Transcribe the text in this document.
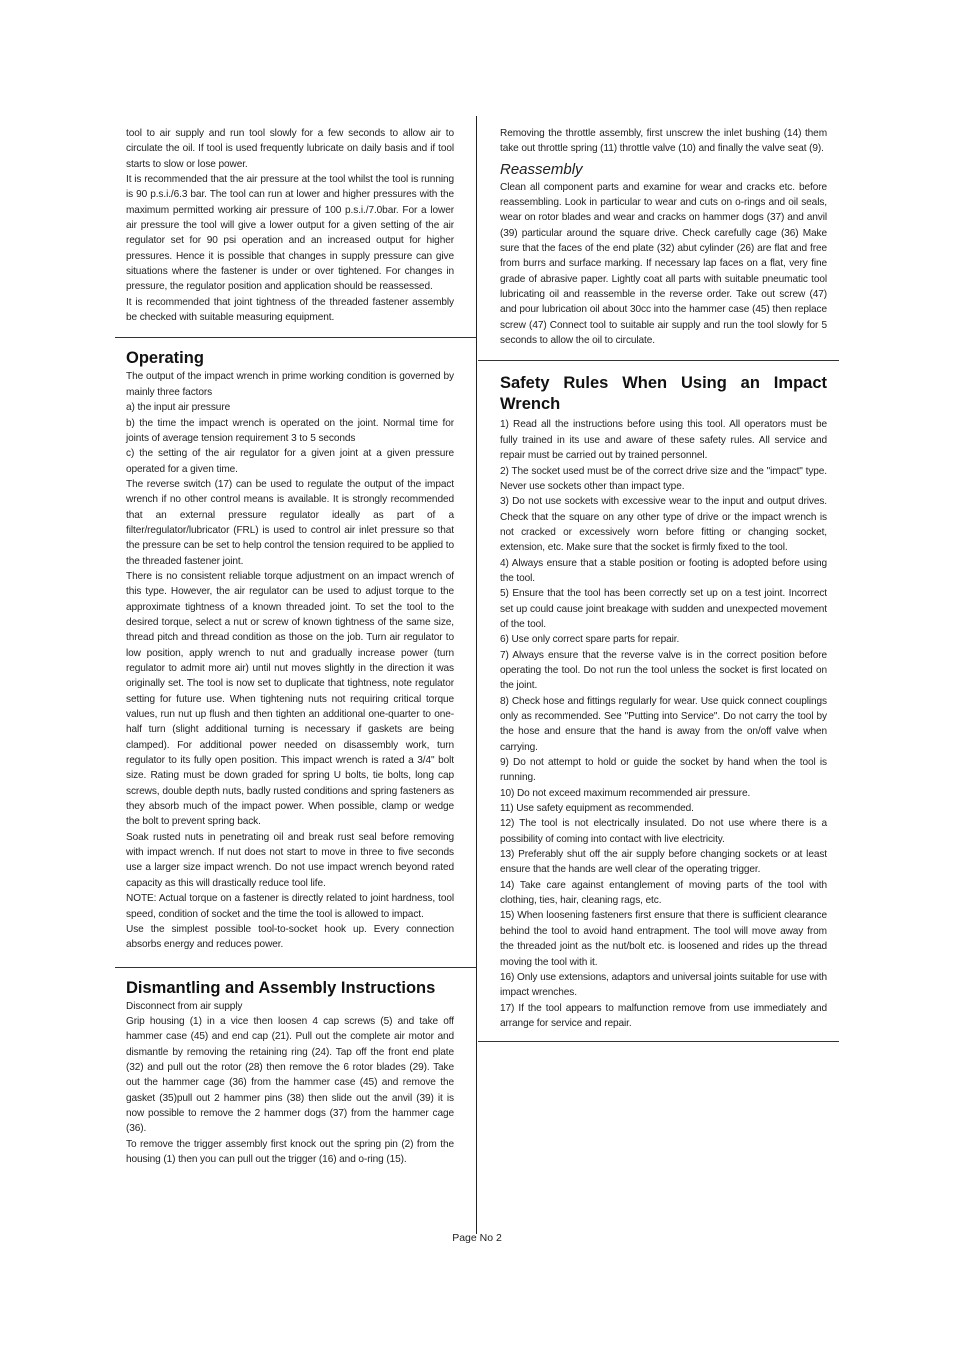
tool to air supply and run tool slowly for a few seconds to allow air to circulate the oil. If tool is used frequently lubricate on daily basis and if tool starts to slow or lose power.

It is recommended that the air pressure at the tool whilst the tool is running is 90 p.s.i./6.3 bar. The tool can run at lower and higher pressures with the maximum permitted working air pressure of 100 p.s.i./7.0bar. For a lower air pressure the tool will give a lower output for a given setting of the air regulator set for 90 psi operation and an increased output for higher pressures. Hence it is possible that changes in supply pressure can give situations where the fastener is under or over tightened. For changes in pressure, the regulator position and application should be reassessed.

It is recommended that joint tightness of the threaded fastener assembly be checked with suitable measuring equipment.

Operating

The output of the impact wrench in prime working condition is governed by mainly three factors

a) the input air pressure

b) the time the impact wrench is operated on the joint. Normal time for joints of average tension requirement 3 to 5 seconds

c) the setting of the air regulator for a given joint at a given pressure operated for a given time.

The reverse switch (17) can be used to regulate the output of the impact wrench if no other control means is available. It is strongly recommended that an external pressure regulator ideally as part of a filter/regulator/lubricator (FRL) is used to control air inlet pressure so that the pressure can be set to help control the tension required to be applied to the threaded fastener joint.

There is no consistent reliable torque adjustment on an impact wrench of this type. However, the air regulator can be used to adjust torque to the approximate tightness of a known threaded joint. To set the tool to the desired torque, select a nut or screw of known tightness of the same size, thread pitch and thread condition as those on the job. Turn air regulator to low position, apply wrench to nut and gradually increase power (turn regulator to admit more air) until nut moves slightly in the direction it was originally set. The tool is now set to duplicate that tightness, note regulator setting for future use. When tightening nuts not requiring critical torque values, run nut up flush and then tighten an additional one-quarter to one-half turn (slight additional turning is necessary if gaskets are being clamped). For additional power needed on disassembly work, turn regulator to its fully open position. This impact wrench is rated a 3/4" bolt size. Rating must be down graded for spring U bolts, tie bolts, long cap screws, double depth nuts, badly rusted conditions and spring fasteners as they absorb much of the impact power. When possible, clamp or wedge the bolt to prevent spring back.

Soak rusted nuts in penetrating oil and break rust seal before removing with impact wrench. If nut does not start to move in three to five seconds use a larger size impact wrench. Do not use impact wrench beyond rated capacity as this will drastically reduce tool life.

NOTE: Actual torque on a fastener is directly related to joint hardness, tool speed, condition of socket and the time the tool is allowed to impact.

Use the simplest possible tool-to-socket hook up. Every connection absorbs energy and reduces power.

Dismantling and Assembly Instructions

Disconnect from air supply

Grip housing (1) in a vice then loosen 4 cap screws (5) and take off hammer case (45) and end cap (21). Pull out the complete air motor and dismantle by removing the retaining ring (24). Tap off the front end plate (32) and pull out the rotor (28) then remove the 6 rotor blades (29). Take out the hammer cage (36) from the hammer case (45) and remove the gasket (35)pull out 2 hammer pins (38) then slide out the anvil (39) it is now possible to remove the 2 hammer dogs (37) from the hammer cage (36).

To remove the trigger assembly first knock out the spring pin (2) from the housing (1) then you can pull out the trigger (16) and o-ring (15).

Removing the throttle assembly, first unscrew the inlet bushing (14) them take out throttle spring (11) throttle valve (10) and finally the valve seat (9).

Reassembly

Clean all component parts and examine for wear and cracks etc. before reassembling. Look in particular to wear and cuts on o-rings and oil seals, wear on rotor blades and wear and cracks on hammer dogs (37) and anvil (39) particular around the square drive. Check carefully cage (36) Make sure that the faces of the end plate (32) abut cylinder (26) are flat and free from burrs and surface marking. If necessary lap faces on a flat, very fine grade of abrasive paper. Lightly coat all parts with suitable pneumatic tool lubricating oil and reassemble in the reverse order. Take out screw (47) and pour lubrication oil about 30cc into the hammer case (45) then replace screw (47) Connect tool to suitable air supply and run the tool slowly for 5 seconds to allow the oil to circulate.

Safety Rules When Using an Impact Wrench

1) Read all the instructions before using this tool. All operators must be fully trained in its use and aware of these safety rules. All service and repair must be carried out by trained personnel.

2) The socket used must be of the correct drive size and the "impact" type. Never use sockets other than impact type.

3) Do not use sockets with excessive wear to the input and output drives. Check that the square on any other type of drive or the impact wrench is not cracked or excessively worn before fitting or changing socket, extension, etc. Make sure that the socket is firmly fixed to the tool.

4) Always ensure that a stable position or footing is adopted before using the tool.

5) Ensure that the tool has been correctly set up on a test joint. Incorrect set up could cause joint breakage with sudden and unexpected movement of the tool.

6) Use only correct spare parts for repair.

7) Always ensure that the reverse valve is in the correct position before operating the tool. Do not run the tool unless the socket is first located on the joint.

8) Check hose and fittings regularly for wear. Use quick connect couplings only as recommended. See "Putting into Service". Do not carry the tool by the hose and ensure that the hand is away from the on/off valve when carrying.

9) Do not attempt to hold or guide the socket by hand when the tool is running.

10) Do not exceed maximum recommended air pressure.

11) Use safety equipment as recommended.

12) The tool is not electrically insulated. Do not use where there is a possibility of coming into contact with live electricity.

13) Preferably shut off the air supply before changing sockets or at least ensure that the hands are well clear of the operating trigger.

14) Take care against entanglement of moving parts of the tool with clothing, ties, hair, cleaning rags, etc.

15) When loosening fasteners first ensure that there is sufficient clearance behind the tool to avoid hand entrapment. The tool will move away from the threaded joint as the nut/bolt etc. is loosened and rides up the thread moving the tool with it.

16) Only use extensions, adaptors and universal joints suitable for use with impact wrenches.

17) If the tool appears to malfunction remove from use immediately and arrange for service and repair.

Page No 2
